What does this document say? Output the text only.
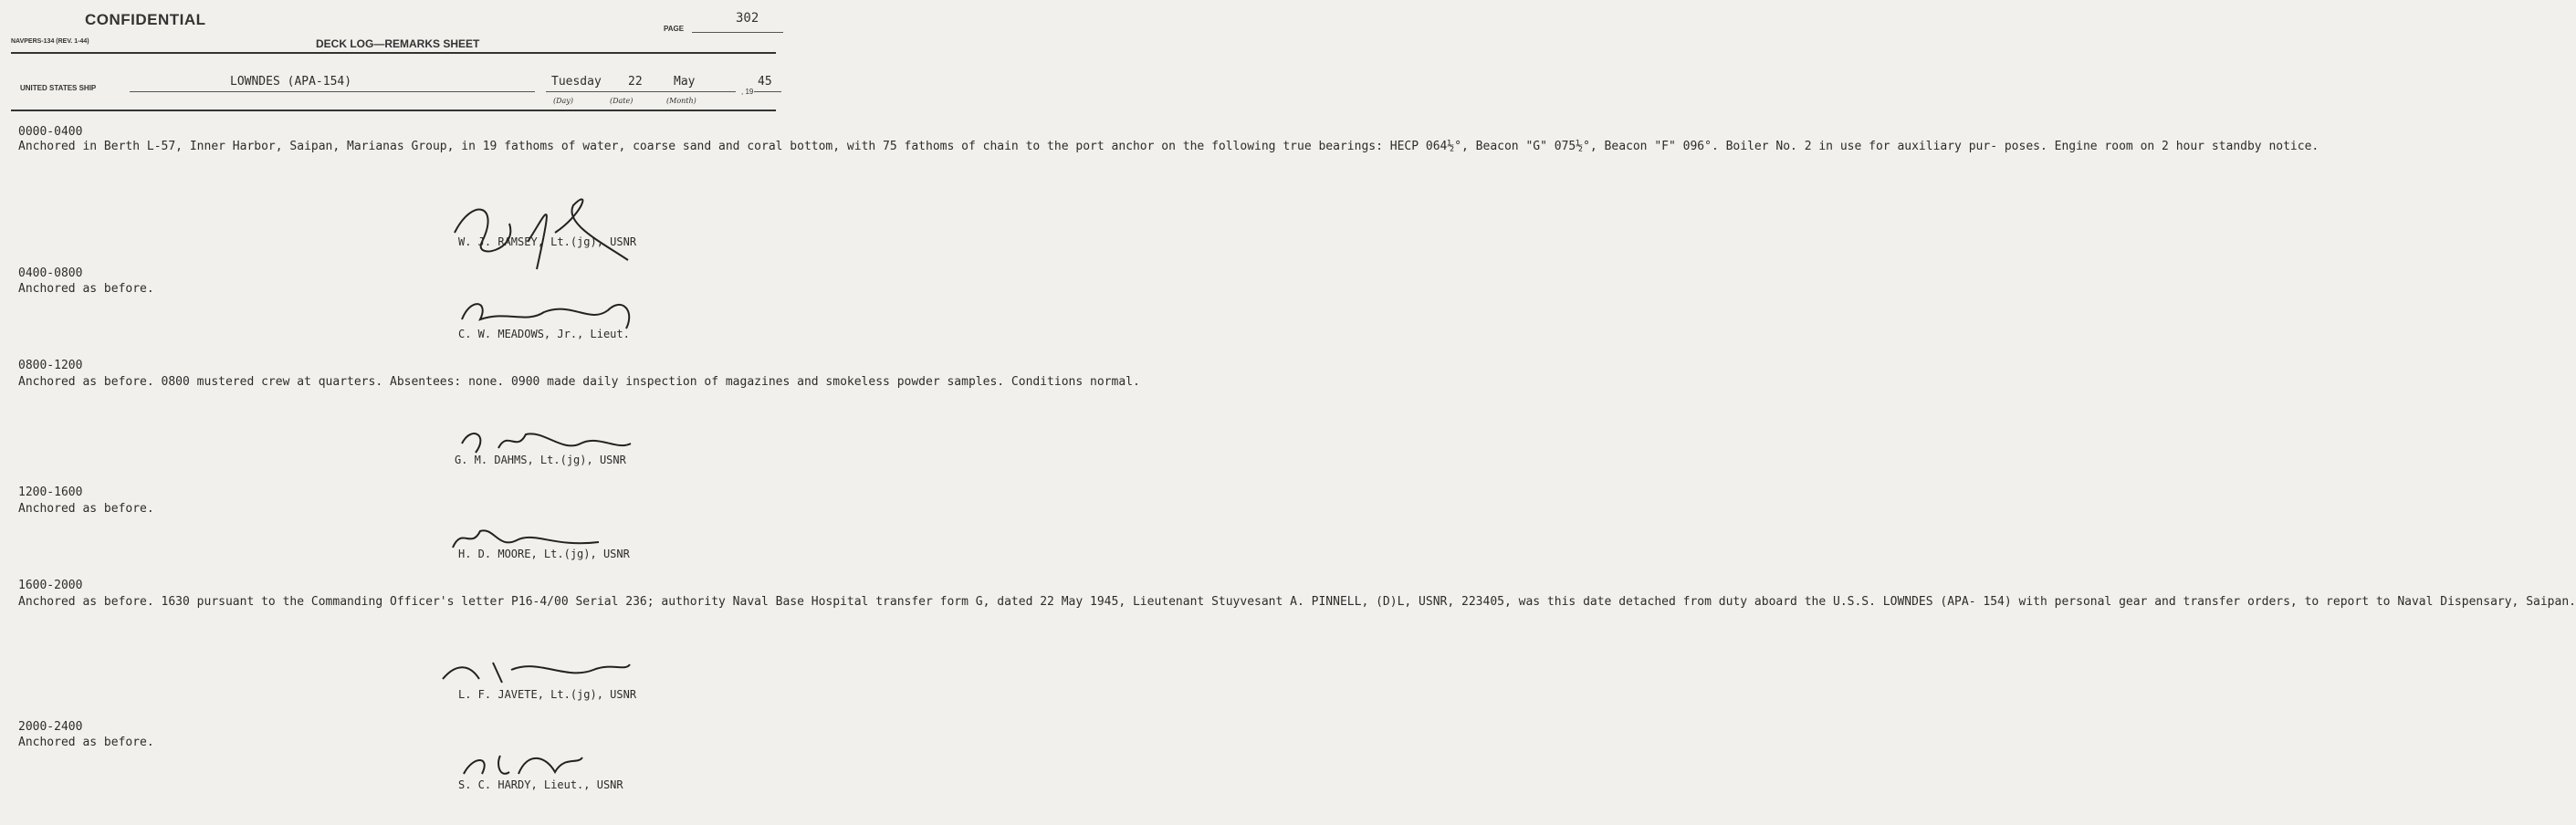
CONFIDENTIAL
PAGE
302
NAVPERS-134 (REV. 1-44)	DECK LOG—REMARKS SHEET
UNITED STATES SHIP	LOWNDES (APA-154)	Tuesday 22	May	45
, 19
(Day)	(Date)	(Month)
0000-0400
Anchored in Berth L-57, Inner Harbor, Saipan, Marianas Group, in 19 fathoms of water, coarse sand and coral bottom, with 75 fathoms of chain to the port anchor on the following true bearings: HECP 064½°, Beacon "G" 075½°, Beacon "F" 096°. Boiler No. 2 in use for auxiliary pur- poses. Engine room on 2 hour standby notice.
W. J. RAMSEY, Lt.(jg), USNR
0400-0800
Anchored as before.
C. W. MEADOWS, Jr., Lieut.
0800-1200
Anchored as before. 0800 mustered crew at quarters. Absentees: none. 0900 made daily inspection of magazines and smokeless powder samples. Conditions normal.
G. M. DAHMS, Lt.(jg), USNR
1200-1600
Anchored as before.
H. D. MOORE, Lt.(jg), USNR
1600-2000
Anchored as before. 1630 pursuant to the Commanding Officer's letter P16-4/00 Serial 236; authority Naval Base Hospital transfer form G, dated 22 May 1945, Lieutenant Stuyvesant A. PINNELL, (D)L, USNR, 223405, was this date detached from duty aboard the U.S.S. LOWNDES (APA- 154) with personal gear and transfer orders, to report to Naval Dispensary, Saipan.
L. F. JAVETE, Lt.(jg), USNR
2000-2400
Anchored as before.
S. C. HARDY, Lieut., USNR
